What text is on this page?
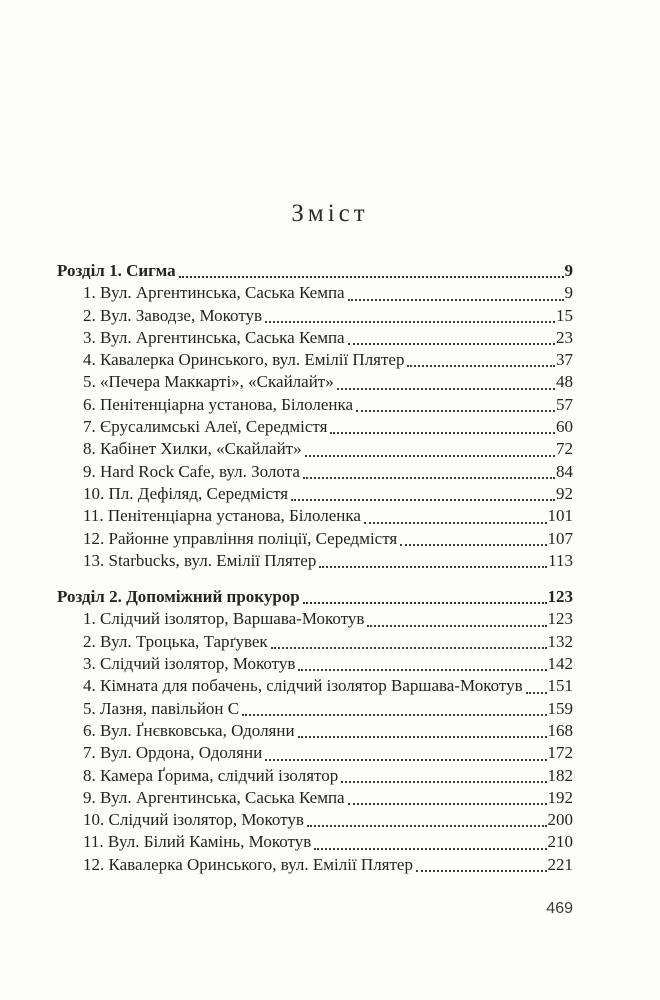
Зміст
Розділ 1. Сигма	9
1. Вул. Аргентинська, Саська Кемпа	9
2. Вул. Заводзе, Мокотув	15
3. Вул. Аргентинська, Саська Кемпа	23
4. Кавалерка Оринського, вул. Емілії Плятер	37
5. «Печера Маккарті», «Скайлайт»	48
6. Пенітенціарна установа, Білоленка	57
7. Єрусалимські Алеї, Середмістя	60
8. Кабінет Хилки, «Скайлайт»	72
9. Hard Rock Cafe, вул. Золота	84
10. Пл. Дефіляд, Середмістя	92
11. Пенітенціарна установа, Білоленка	101
12. Районне управління поліції, Середмістя	107
13. Starbucks, вул. Емілії Плятер	113
Розділ 2. Допоміжний прокурор	123
1. Слідчий ізолятор, Варшава-Мокотув	123
2. Вул. Троцька, Тарґувек	132
3. Слідчий ізолятор, Мокотув	142
4. Кімната для побачень, слідчий ізолятор Варшава-Мокотув 151
5. Лазня, павільйон C	159
6. Вул. Ґнєвковська, Одоляни	168
7. Вул. Ордона, Одоляни	172
8. Камера Ґорима, слідчий ізолятор	182
9. Вул. Аргентинська, Саська Кемпа	192
10. Слідчий ізолятор, Мокотув	200
11. Вул. Білий Камінь, Мокотув	210
12. Кавалерка Оринського, вул. Емілії Плятер	221
469
